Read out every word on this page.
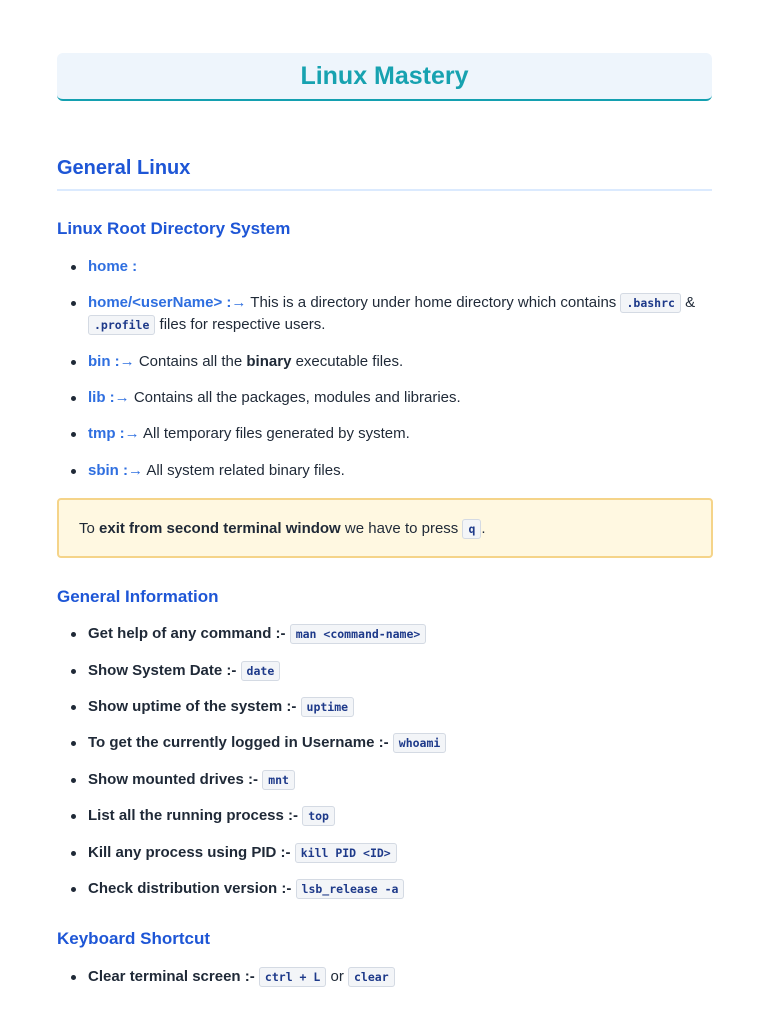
Linux Mastery
General Linux
Linux Root Directory System
home :
home/<userName> :→ This is a directory under home directory which contains .bashrc & .profile files for respective users.
bin :→ Contains all the binary executable files.
lib :→ Contains all the packages, modules and libraries.
tmp :→ All temporary files generated by system.
sbin :→ All system related binary files.
To exit from second terminal window we have to press q .
General Information
Get help of any command :- man <command-name>
Show System Date :- date
Show uptime of the system :- uptime
To get the currently logged in Username :- whoami
Show mounted drives :- mnt
List all the running process :- top
Kill any process using PID :- kill PID <ID>
Check distribution version :- lsb_release -a
Keyboard Shortcut
Clear terminal screen :- ctrl + L or clear
